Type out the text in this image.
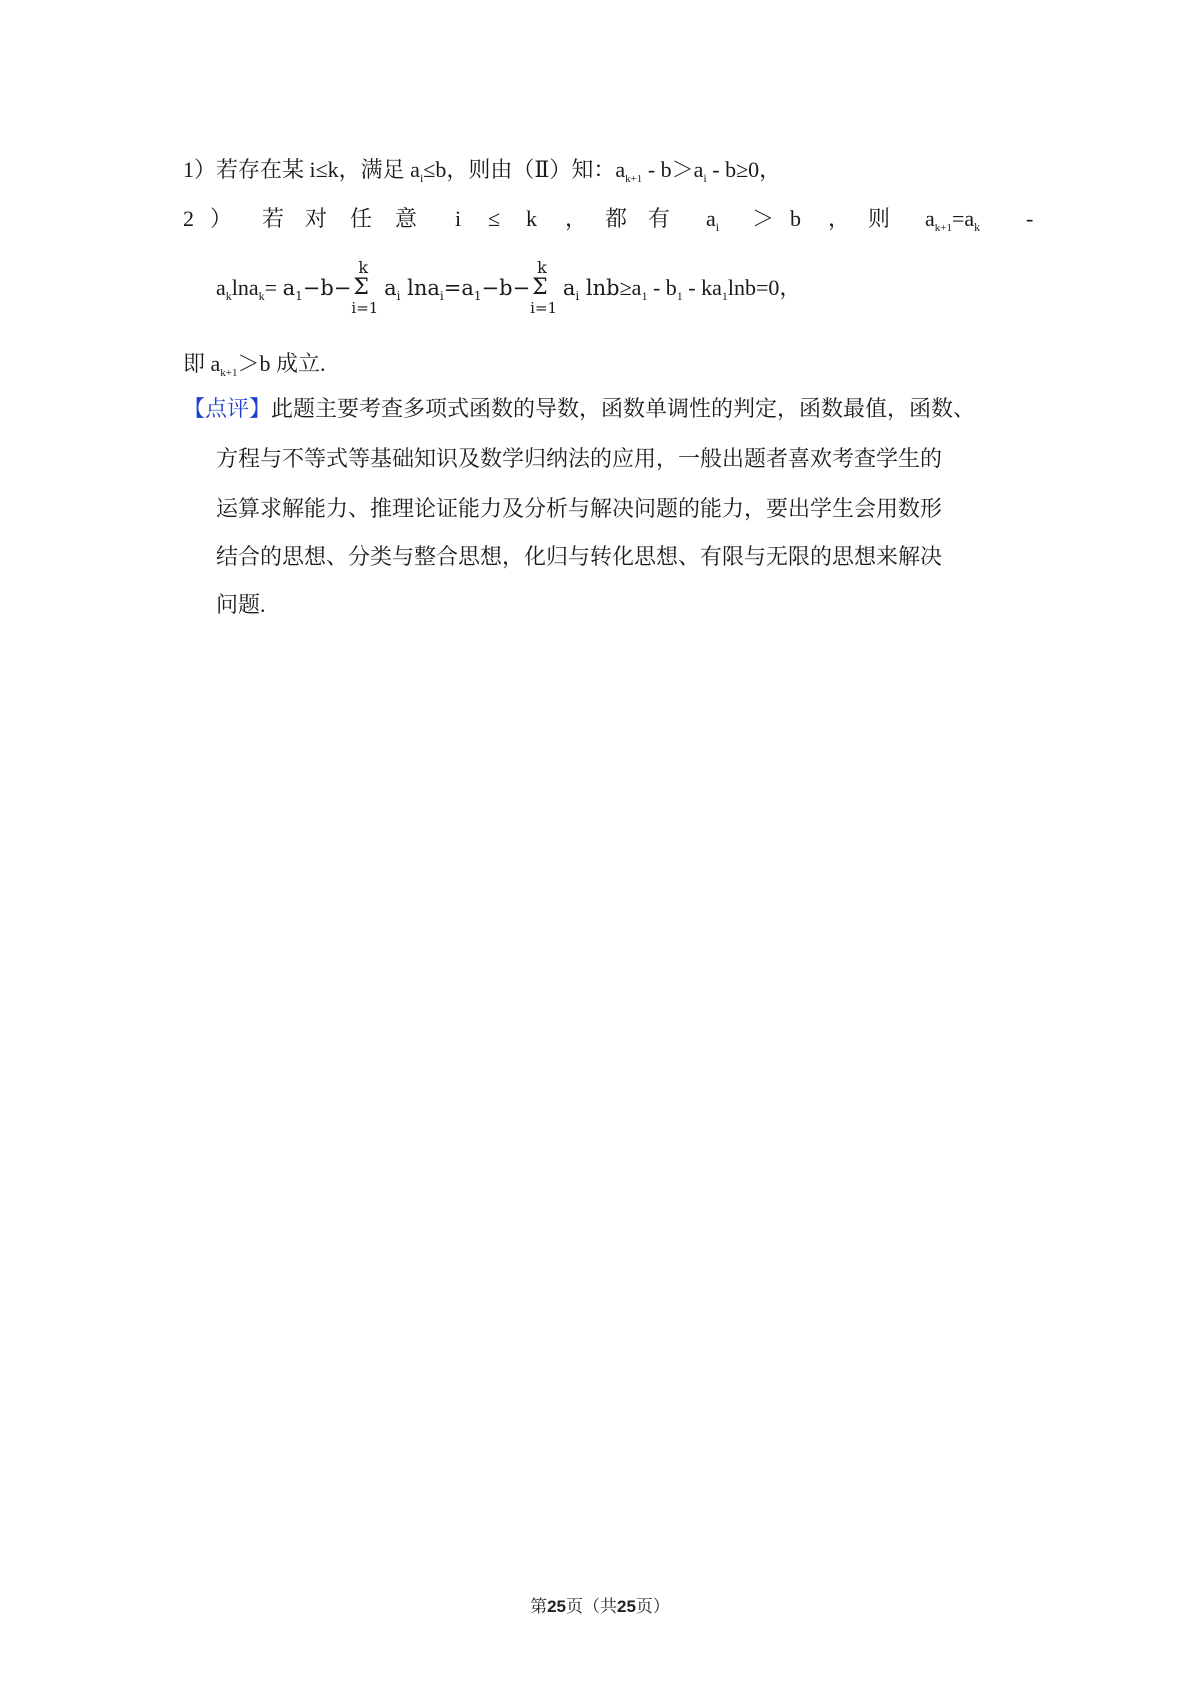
1）若存在某 i≤k，满足 $a_i\le b$，则由（Ⅱ）知：$a_{k+1} - b>a_i - b\ge 0$，
2 ） 若 对 任 意 i ≤ k ， 都 有 $a_i > b$ ， 则 $a_{k+1}=a_k$ -
$a_k\ln a_k= a_1-b-$
k
Σ
i=1
$a_i$ $\ln a_i=a_1-b-$
k
Σ
i=1
$a_i$ $\ln b\ge a_1 - b_1 - ka_1\ln b=0$，
即 $a_{k+1}>b$ 成立.
【点评】此题主要考查多项式函数的导数，函数单调性的判定，函数最值，函数、
方程与不等式等基础知识及数学归纳法的应用，一般出题者喜欢考查学生的
运算求解能力、推理论证能力及分析与解决问题的能力，要出学生会用数形
结合的思想、分类与整合思想，化归与转化思想、有限与无限的思想来解决
问题.
第25页（共25页）
